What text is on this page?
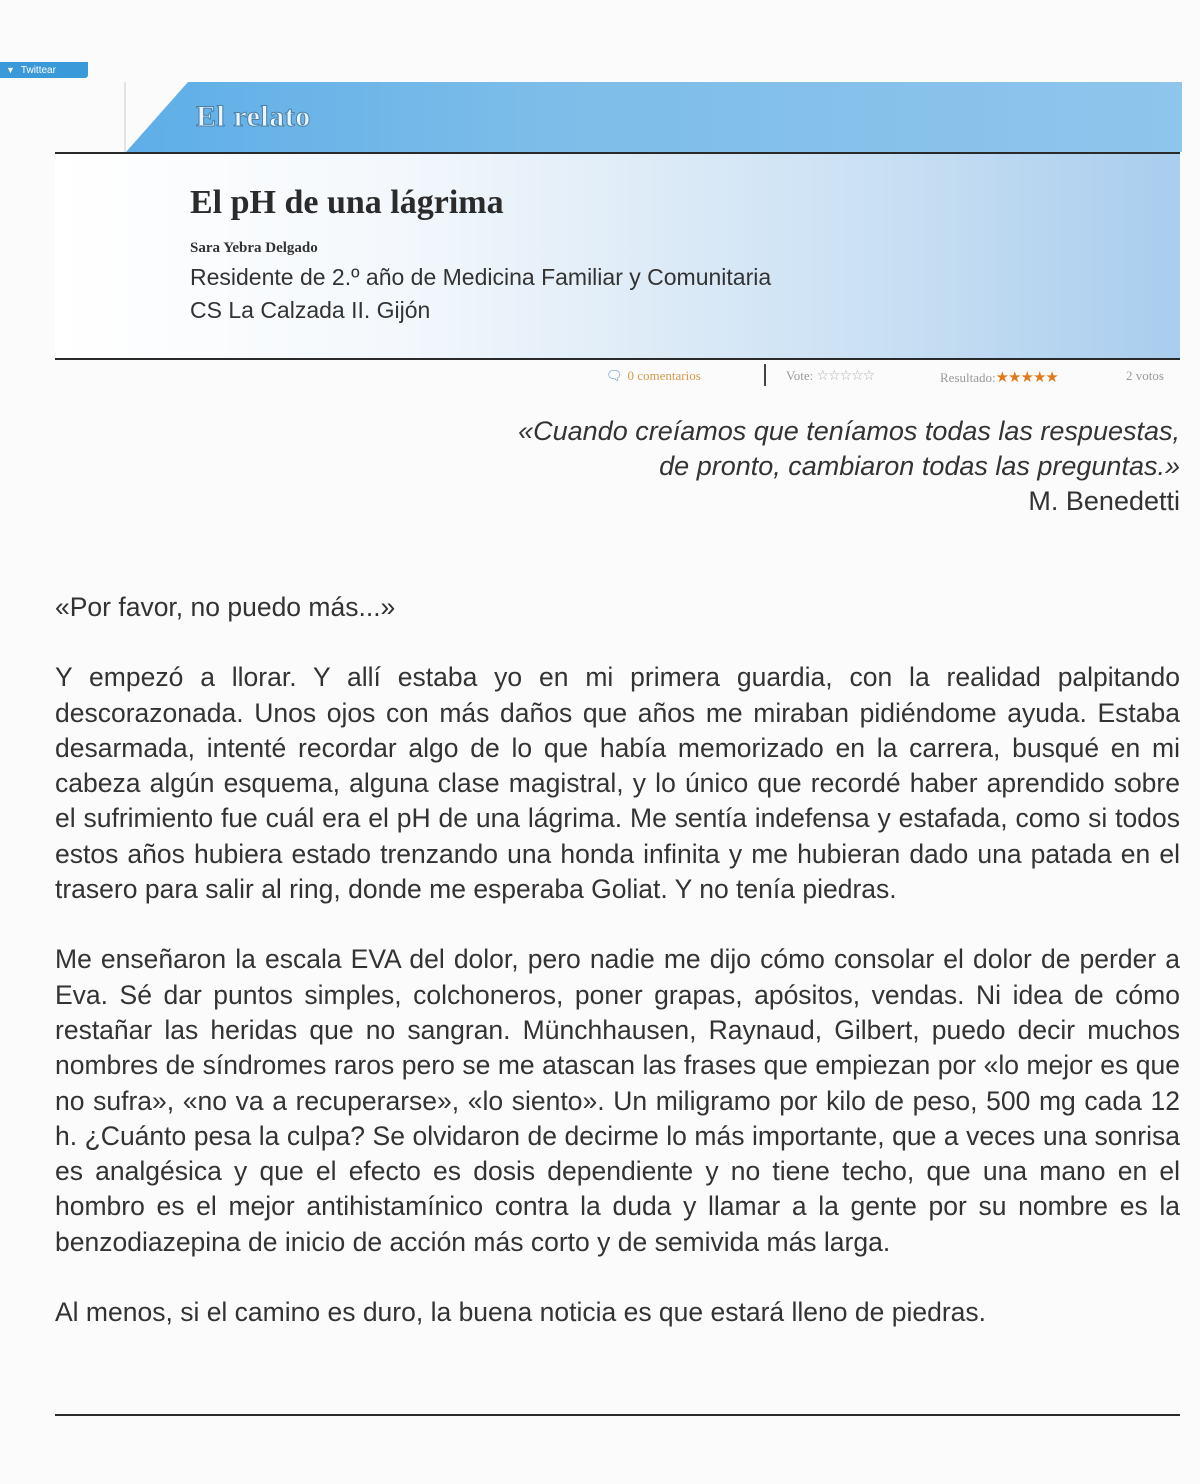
▼ Twittear
El relato
El pH de una lágrima
Sara Yebra Delgado
Residente de 2.º año de Medicina Familiar y Comunitaria
CS La Calzada II. Gijón
🗨 0 comentarios	Vote: ☆☆☆☆☆	Resultado:★★★★★	2 votos
«Cuando creíamos que teníamos todas las respuestas,
de pronto, cambiaron todas las preguntas.»
M. Benedetti

«Por favor, no puedo más...»

Y empezó a llorar. Y allí estaba yo en mi primera guardia, con la realidad palpitando descorazonada. Unos ojos con más daños que años me miraban pidiéndome ayuda. Estaba desarmada, intenté recordar algo de lo que había memorizado en la carrera, busqué en mi cabeza algún esquema, alguna clase magistral, y lo único que recordé haber aprendido sobre el sufrimiento fue cuál era el pH de una lágrima. Me sentía indefensa y estafada, como si todos estos años hubiera estado trenzando una honda infinita y me hubieran dado una patada en el trasero para salir al ring, donde me esperaba Goliat. Y no tenía piedras.

Me enseñaron la escala EVA del dolor, pero nadie me dijo cómo consolar el dolor de perder a Eva. Sé dar puntos simples, colchoneros, poner grapas, apósitos, vendas. Ni idea de cómo restañar las heridas que no sangran. Münchhausen, Raynaud, Gilbert, puedo decir muchos nombres de síndromes raros pero se me atascan las frases que empiezan por «lo mejor es que no sufra», «no va a recuperarse», «lo siento». Un miligramo por kilo de peso, 500 mg cada 12 h. ¿Cuánto pesa la culpa? Se olvidaron de decirme lo más importante, que a veces una sonrisa es analgésica y que el efecto es dosis dependiente y no tiene techo, que una mano en el hombro es el mejor antihistamínico contra la duda y llamar a la gente por su nombre es la benzodiazepina de inicio de acción más corto y de semivida más larga.

Al menos, si el camino es duro, la buena noticia es que estará lleno de piedras.
